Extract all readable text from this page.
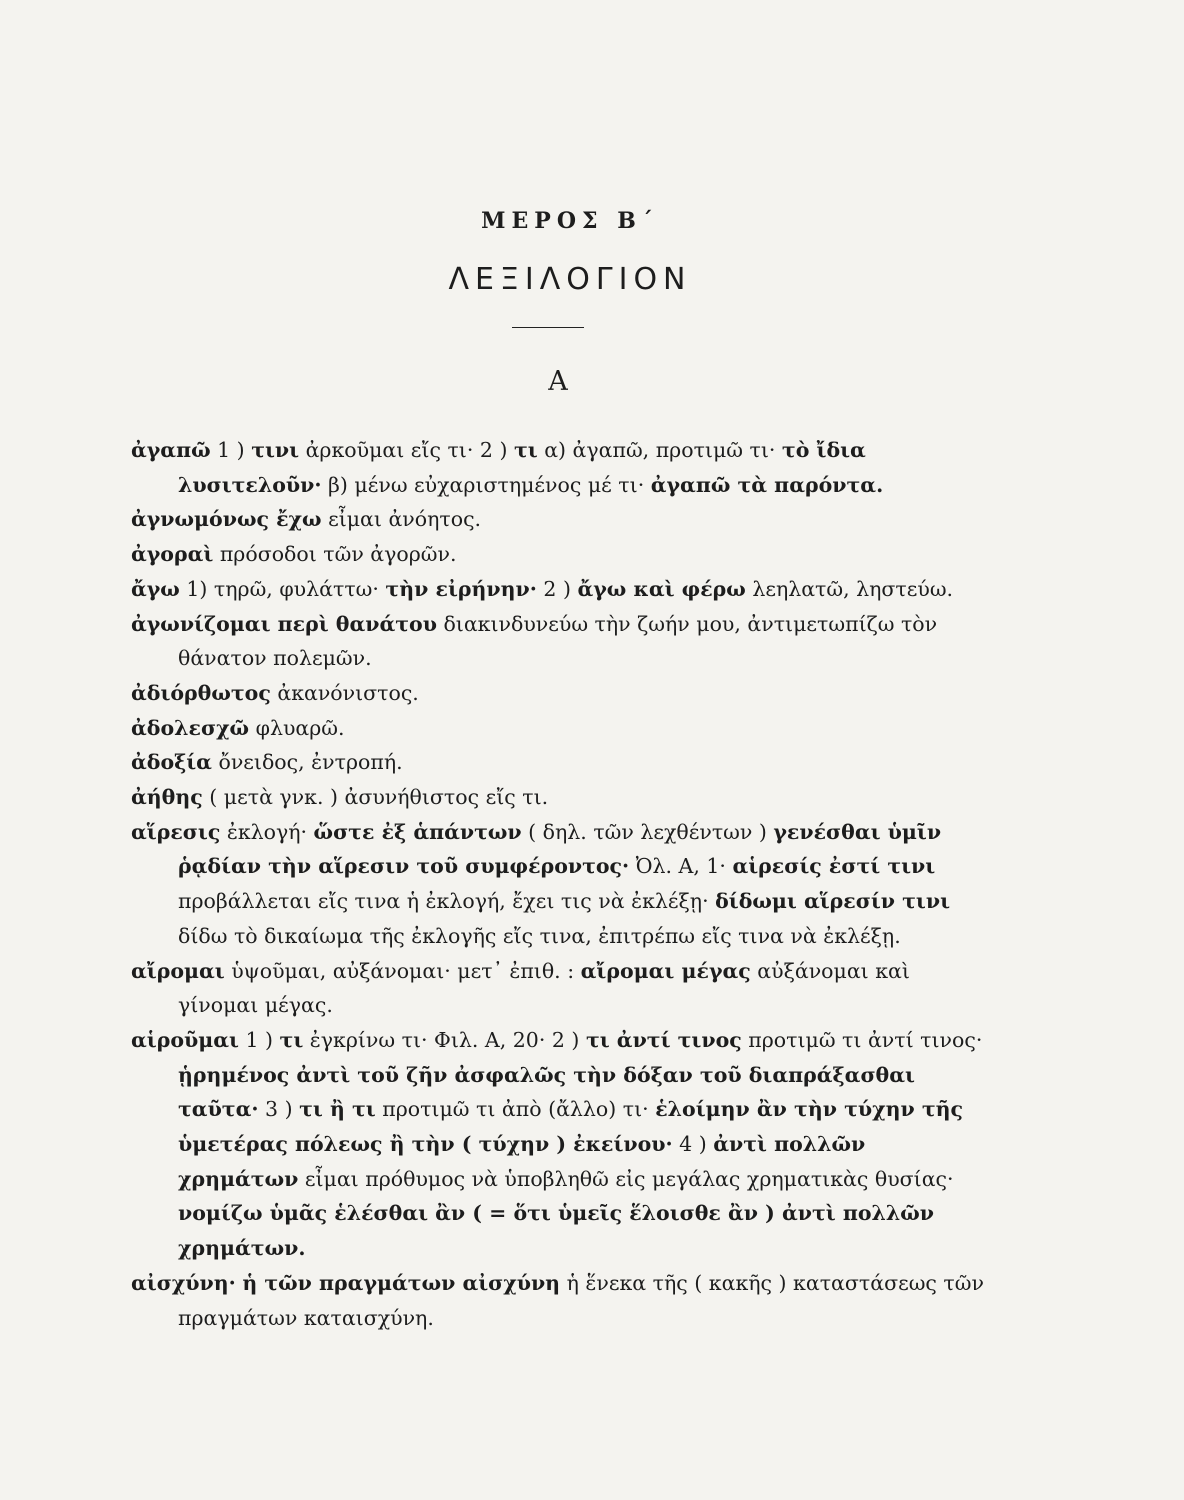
ΜΕΡΟΣ Β΄
ΛΕΞΙΛΟΓΙΟΝ
Α

ἀγαπῶ 1 ) τινι ἀρκοῦμαι εἴς τι· 2 ) τι α) ἀγαπῶ, προτιμῶ τι· τὸ ἴδια λυσιτελοῦν· β) μένω εὐχαριστημένος μέ τι· ἀγαπῶ τὰ παρόντα.

ἀγνωμόνως ἔχω εἶμαι ἀνόητος.

ἀγοραὶ πρόσοδοι τῶν ἀγορῶν.

ἄγω 1) τηρῶ, φυλάττω· τὴν εἰρήνην· 2 ) ἄγω καὶ φέρω λεηλατῶ, ληστεύω.

ἀγωνίζομαι περὶ θανάτου διακινδυνεύω τὴν ζωήν μου, ἀντιμετωπίζω τὸν θάνατον πολεμῶν.

ἀδιόρθωτος ἀκανόνιστος.

ἀδολεσχῶ φλυαρῶ.

ἀδοξία ὄνειδος, ἐντροπή.

ἀήθης ( μετὰ γνκ. ) ἀσυνήθιστος εἴς τι.

αἵρεσις ἐκλογή· ὥστε ἐξ ἁπάντων ( δηλ. τῶν λεχθέντων ) γενέσθαι ὑμῖν ῥᾳδίαν τὴν αἵρεσιν τοῦ συμφέροντος· Ὀλ. Α, 1· αἱρεσίς ἐστί τινι προβάλλεται εἴς τινα ἡ ἐκλογή, ἔχει τις νὰ ἐκλέξῃ· δίδωμι αἵρεσίν τινι δίδω τὸ δικαίωμα τῆς ἐκλογῆς εἴς τινα, ἐπιτρέπω εἴς τινα νὰ ἐκλέξῃ.

αἴρομαι ὑψοῦμαι, αὐξάνομαι· μετ᾽ ἐπιθ. : αἴρομαι μέγας αὐξάνομαι καὶ γίνομαι μέγας.

αἱροῦμαι 1 ) τι ἐγκρίνω τι· Φιλ. Α, 20· 2 ) τι ἀντί τινος προτιμῶ τι ἀντί τινος· ᾑρημένος ἀντὶ τοῦ ζῆν ἀσφαλῶς τὴν δόξαν τοῦ διαπράξασθαι ταῦτα· 3 ) τι ἢ τι προτιμῶ τι ἀπὸ (ἄλλο) τι· ἑλοίμην ἂν τὴν τύχην τῆς ὑμετέρας πόλεως ἢ τὴν ( τύχην ) ἐκείνου· 4 ) ἀντὶ πολλῶν χρημάτων εἶμαι πρόθυμος νὰ ὑποβληθῶ εἰς μεγάλας χρηματικὰς θυσίας· νομίζω ὑμᾶς ἑλέσθαι ἂν ( = ὅτι ὑμεῖς ἕλοισθε ἂν ) ἀντὶ πολλῶν χρημάτων.

αἰσχύνη· ἡ τῶν πραγμάτων αἰσχύνη ἡ ἕνεκα τῆς ( κακῆς ) καταστάσεως τῶν πραγμάτων καταισχύνη.
